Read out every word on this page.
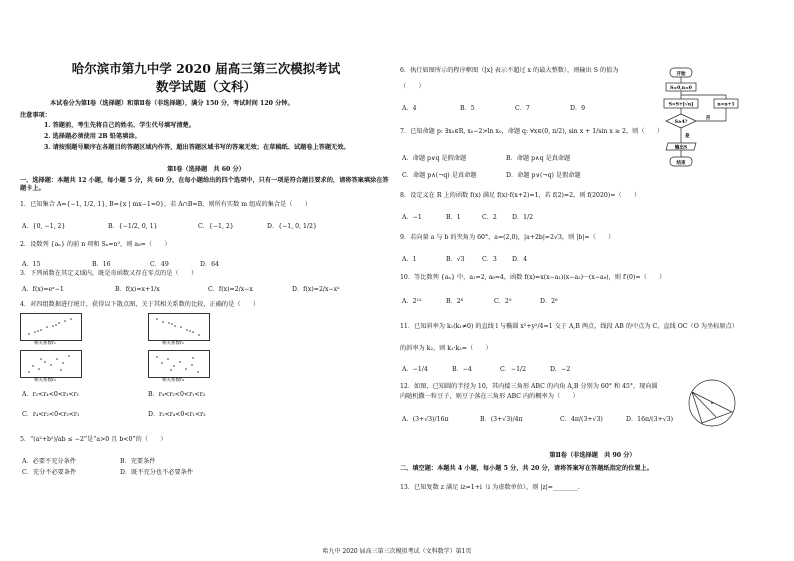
哈尔滨市第九中学 2020 届高三第三次模拟考试
数学试题（文科）
本试卷分为第Ⅰ卷（选择题）和第Ⅱ卷（非选择题），满分 150 分，考试时间 120 分钟。
注意事项：
1. 答题前，考生先将自己的姓名、学生代号填写清楚。
2. 选择题必须使用 2B 铅笔填涂。
3. 请按照题号顺序在各题目的答题区域内作答，超出答题区域书写的答案无效；在草稿纸、试题卷上答题无效。
第Ⅰ卷（选择题　共 60 分）
一、选择题：本题共 12 小题，每小题 5 分，共 60 分，在每小题给出的四个选项中，只有一项是符合题目要求的，请将答案填涂在答题卡上。
1．已知集合 A={−1, 1/2, 1}, B={x | mx−1=0}，若 A∩B=B，则所有实数 m 组成的集合是（　　）
A．{0, −1, 2}	B．{−1/2, 0, 1}	C．{−1, 2}	D．{−1, 0, 1/2}
2．设数列 {aₙ} 的前 n 项和 Sₙ=n²，则 a₈=（　　）
A．15	B．16	C．49	D．64
3．下列函数在其定义域内，既是奇函数又存在零点的是（　　）
A．f(x)=eˣ−1	B．f(x)=x+1/x	C．f(x)=2/x−x	D．f(x)=2/x−x²
4．对四组数据进行统计，获得以下散点图，关于其相关系数的比较，正确的是（　　）
相关系数r₁	相关系数r₂
相关系数r₃	相关系数r₄
A．r₂<r₄<0<r₃<r₁	B．r₄<r₂<0<r₁<r₃
C．r₄<r₂<0<r₃<r₁	D．r₂<r₄<0<r₁<r₃
5．“(a²+b²)/ab ≤ −2”是“a>0 且 b<0”的（　　）
A．必要不充分条件	B．充要条件
C．充分不必要条件	D．既不充分也不必要条件
6．执行如图所示的程序框图（[x] 表示不超过 x 的最大整数），则输出 S 的值为
（　　）
A．4	B．5	C．7	D．9
开始
S=0,n=0
S=S+[√n]	n=n+1
S≥4?
否
是
输出S
结束
7．已知命题 p: ∃x₀∈R, x₀−2>ln x₀，命题 q: ∀x∈(0, π/2), sin x + 1/sin x ≥ 2，则（　　）
A．命题 p∨q 是假命题	B．命题 p∧q 是真命题
C．命题 p∧(¬q) 是真命题	D．命题 p∨(¬q) 是假命题
8．设定义在 R 上的函数 f(x) 满足 f(x)·f(x+2)=1，若 f(2)=2，则 f(2020)=（　　）
A．−1	B．1	C．2 D．1/2
9．若向量 a 与 b 的夹角为 60°，a=(2,0)，|a+2b|=2√3，则 |b|=（　　）
A．1	B．√3	C．3 D．4
10．等比数列 {aₙ} 中，a₁=2, a₈=4，函数 f(x)=x(x−a₁)(x−a₂)···(x−a₈)，则 f′(0)=（　　）
A．2¹²	B．2⁸	C．2⁹	D．2⁶
11．已知斜率为 k₁(k₁≠0) 的直线 l 与椭圆 x²+y²/4=1 交于 A,B 两点，线段 AB 的中点为 C，直线 OC（O 为坐标原点）
的斜率为 k₂，则 k₁·k₂=（　　）
A．−1/4	B．−4	C．−1/2	D．−2
12．如图，已知圆的半径为 10，其内接三角形 ABC 的内角 A,B 分别为 60° 和 45°，现向圆
内随机撒一粒豆子，则豆子落在三角形 ABC 内的概率为（　　）
A．(3+√3)/16π	B．(3+√3)/4π	C．4π/(3+√3)	D．16π/(3+√3)
第Ⅱ卷（非选择题　共 90 分）
二、填空题：本题共 4 小题，每小题 5 分，共 20 分，请将答案写在答题纸指定的位置上。
13．已知复数 z 满足 iz=1+i（i 为虚数单位），则 |z|=________.
哈九中 2020 届高三第三次模拟考试（文科数学）第1页
